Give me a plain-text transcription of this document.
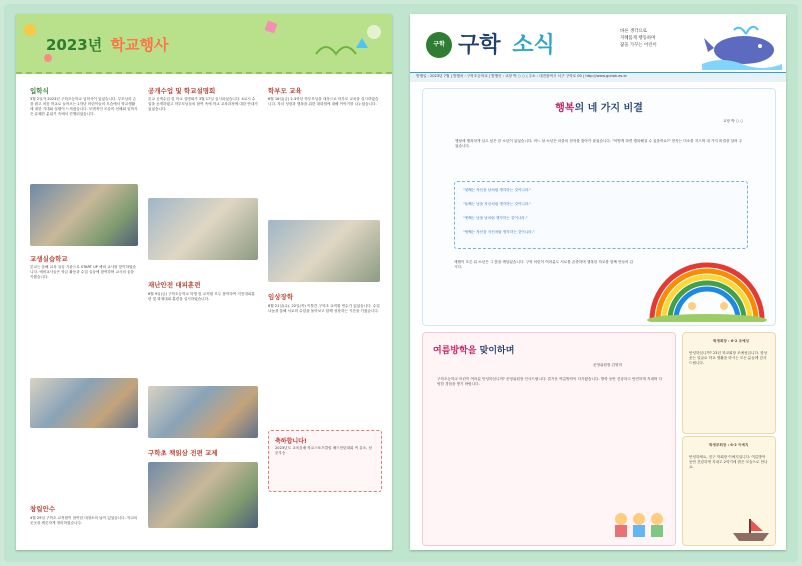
2023년 학교행사
입학식
3월 2일자 2023년 구학초등학교 입학식이 있었습니다. 부모님의 손을 잡고 처음 학교로 들어오는 1학년 어린이들의 모습에서 학교생활에 대한 기대와 설렘이 느껴졌습니다. 모범적인 모습의 선배와 입학식은 유쾌한 분위기 속에서 진행되었습니다.
교생실습학교
본교는 올해 교육 실습 기관으로 START UP 예비 교사를 맞이하였습니다. 예비교사들은 학급 활동과 수업 실습에 참여하며 교사의 꿈을 키웠습니다.
창립안수
4월 29일 구학초 교직원이 참여한 대청소의 날이 있었습니다. 학교의 곳곳을 깨끗하게 정리하였습니다.
공개수업 및 학교설명회
본교 공개수업 및 학교 설명회가 3월 17일 실시되었습니다. 4교시 수업을 공개하였고 학부모님들의 참여 속에 학교 교육과정에 대한 안내가 있었습니다.
재난안전 대피훈련
6월 9일(금) 구학초등학교 학생 및 교직원 모두 참여하여 지진대피훈련 및 화재대피 훈련을 실시하였습니다.
구학초 책읽삼 전편 교제
학부모 교육
6월 16일(금) 2-3학년 학부모님을 대상으로 학부모 교육을 실시하였습니다. 자녀 성장과 행복을 위한 대화법에 대해 이야기를 나누었습니다.
임상장학
6월 21일(수), 22일(목) 이틀간 구학초 교직원 연수가 있었습니다. 수업 나눔을 통해 서로의 수업을 돌아보고 함께 성장하는 시간을 가졌습니다.
축하합니다!
2023년도 교육감배 학교스포츠클럽 배드민턴대회 여 유소, 남 준우승
구학 구학 소식
바른 생각으로
지혜롭게 행동하며
꿈을 가꾸는 어린이
발행일 : 2023년 7월 | 발행처 : 구학초등학교 | 발행인 : 교장 박 ○ ○ | 주소 : 대전광역시 서구 구학로 00 | http://www.guhak.es.kr
행복의 네 가지 비결
교장 박 ○ ○
옛날에 행복하게 살고 싶은 한 소년이 있었습니다. 어느 날 소년은 마을의 현자를 찾아가 물었습니다. "어떻게 하면 행복해질 수 있을까요?" 현자는 미소를 지으며 네 가지 비결을 알려 주었습니다.
"첫째는 자신을 남처럼 생각하는 것이니라."
"둘째는 남을 자신처럼 생각하는 것이니라."
"셋째는 남을 남처럼 생각하는 것이니라."
"넷째는 자신을 자신처럼 생각하는 것이니라."
세월이 흐른 뒤 소년은 그 뜻을 깨달았습니다. 구학 어린이 여러분도 서로를 존중하며 행복한 학교를 함께 만들어 갑시다.
여름방학을 맞이하며
운영위원장 김영미
구학초등학교 어린이 여러분 안녕하십니까? 운영위원장 인사드립니다. 즐거운 여름방학이 다가왔습니다. 방학 동안 건강하고 안전하게 지내며 다양한 경험을 쌓기 바랍니다.
학생회장 : 6-2 조예성
안녕하십니까? 23년 학교회장 조예성입니다. 항상 웃는 얼굴로 학교 생활을 하시는 모든 분들께 감사드립니다.
학생부회장 : 6-2 이예지
안녕하세요, 친구 학회장 이예지입니다. 여름방학 동안 건강하게 지내고 2학기에 밝은 모습으로 만나요.
